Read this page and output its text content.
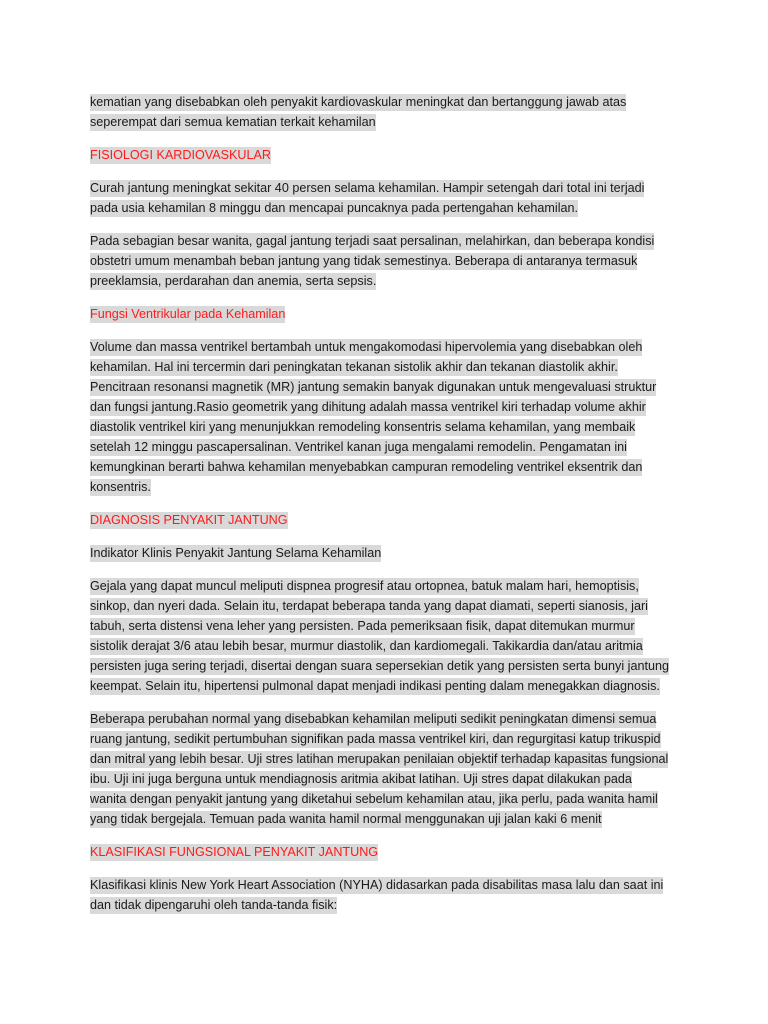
kematian yang disebabkan oleh penyakit kardiovaskular meningkat dan bertanggung jawab atas
seperempat dari semua kematian terkait kehamilan
FISIOLOGI KARDIOVASKULAR
Curah jantung meningkat sekitar 40 persen selama kehamilan. Hampir setengah dari total ini terjadi
pada usia kehamilan 8 minggu dan mencapai puncaknya pada pertengahan kehamilan.
Pada sebagian besar wanita, gagal jantung terjadi saat persalinan, melahirkan, dan beberapa kondisi
obstetri umum menambah beban jantung yang tidak semestinya. Beberapa di antaranya termasuk
preeklamsia, perdarahan dan anemia, serta sepsis.
Fungsi Ventrikular pada Kehamilan
Volume dan massa ventrikel bertambah untuk mengakomodasi hipervolemia yang disebabkan oleh
kehamilan. Hal ini tercermin dari peningkatan tekanan sistolik akhir dan tekanan diastolik akhir.
Pencitraan resonansi magnetik (MR) jantung semakin banyak digunakan untuk mengevaluasi struktur
dan fungsi jantung.Rasio geometrik yang dihitung adalah massa ventrikel kiri terhadap volume akhir
diastolik ventrikel kiri yang menunjukkan remodeling konsentris selama kehamilan, yang membaik
setelah 12 minggu pascapersalinan. Ventrikel kanan juga mengalami remodelin. Pengamatan ini
kemungkinan berarti bahwa kehamilan menyebabkan campuran remodeling ventrikel eksentrik dan
konsentris.
DIAGNOSIS PENYAKIT JANTUNG
Indikator Klinis Penyakit Jantung Selama Kehamilan
Gejala yang dapat muncul meliputi dispnea progresif atau ortopnea, batuk malam hari, hemoptisis,
sinkop, dan nyeri dada. Selain itu, terdapat beberapa tanda yang dapat diamati, seperti sianosis, jari
tabuh, serta distensi vena leher yang persisten. Pada pemeriksaan fisik, dapat ditemukan murmur
sistolik derajat 3/6 atau lebih besar, murmur diastolik, dan kardiomegali. Takikardia dan/atau aritmia
persisten juga sering terjadi, disertai dengan suara sepersekian detik yang persisten serta bunyi jantung
keempat. Selain itu, hipertensi pulmonal dapat menjadi indikasi penting dalam menegakkan diagnosis.
Beberapa perubahan normal yang disebabkan kehamilan meliputi sedikit peningkatan dimensi semua
ruang jantung, sedikit pertumbuhan signifikan pada massa ventrikel kiri, dan regurgitasi katup trikuspid
dan mitral yang lebih besar. Uji stres latihan merupakan penilaian objektif terhadap kapasitas fungsional
ibu. Uji ini juga berguna untuk mendiagnosis aritmia akibat latihan. Uji stres dapat dilakukan pada
wanita dengan penyakit jantung yang diketahui sebelum kehamilan atau, jika perlu, pada wanita hamil
yang tidak bergejala. Temuan pada wanita hamil normal menggunakan uji jalan kaki 6 menit
KLASIFIKASI FUNGSIONAL PENYAKIT JANTUNG
Klasifikasi klinis New York Heart Association (NYHA) didasarkan pada disabilitas masa lalu dan saat ini
dan tidak dipengaruhi oleh tanda-tanda fisik:
